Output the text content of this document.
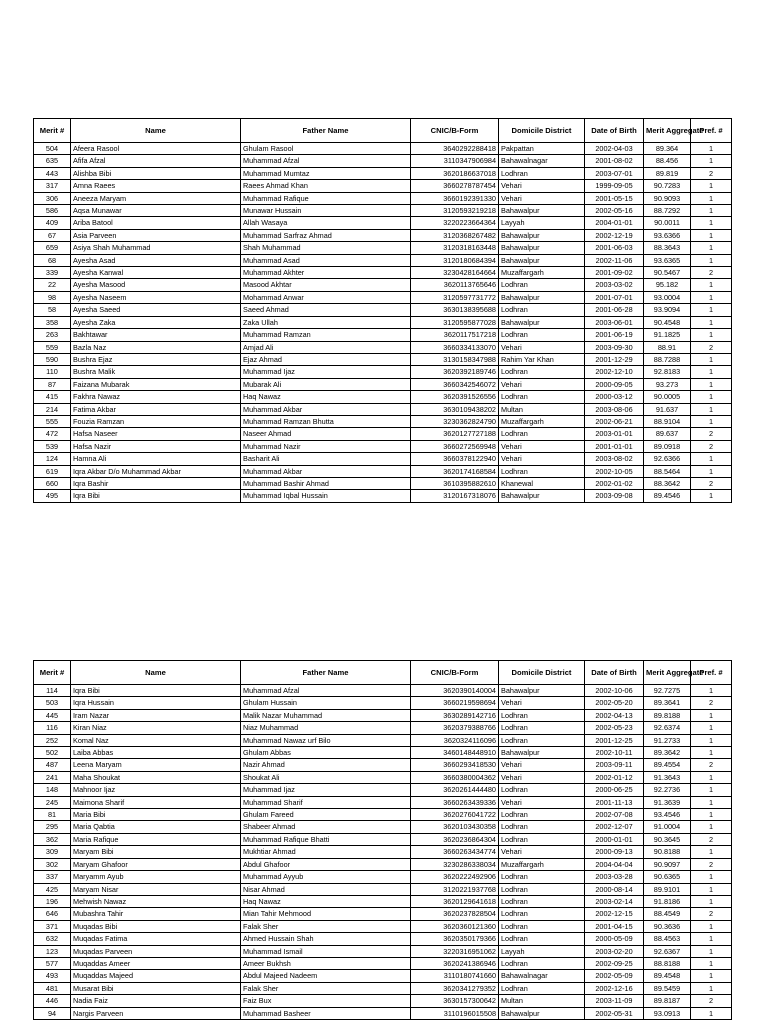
Merit #	Name	Father Name	CNIC/B-Form	Domicile District	Date of Birth	Merit Aggregate	Pref. #
504	Afeera Rasool	Ghulam Rasool	3640292288418	Pakpattan	2002-04-03	89.364	1
635	Afifa Afzal	Muhammad Afzal	3110347906984	Bahawalnagar	2001-08-02	88.456	1
443	Alishba Bibi	Muhammad Mumtaz	3620186637018	Lodhran	2003-07-01	89.819	2
317	Amna Raees	Raees Ahmad Khan	3660278787454	Vehari	1999-09-05	90.7283	1
306	Aneeza Maryam	Muhammad Rafique	3660192391330	Vehari	2001-05-15	90.9093	1
586	Aqsa Munawar	Munawar Hussain	3120593219218	Bahawalpur	2002-05-16	88.7292	1
409	Ariba Batool	Allah Wasaya	3220223664364	Layyah	2004-01-01	90.0011	1
67	Asia Parveen	Muhammad Sarfraz Ahmad	3120368267482	Bahawalpur	2002-12-19	93.6366	1
659	Asiya Shah Muhammad	Shah Muhammad	3120318163448	Bahawalpur	2001-06-03	88.3643	1
68	Ayesha Asad	Muhammad Asad	3120180684394	Bahawalpur	2002-11-06	93.6365	1
339	Ayesha Kanwal	Muhammad Akhter	3230428164664	Muzaffargarh	2001-09-02	90.5467	2
22	Ayesha Masood	Masood Akhtar	3620113765646	Lodhran	2003-03-02	95.182	1
98	Ayesha Naseem	Mohammad Anwar	3120597731772	Bahawalpur	2001-07-01	93.0004	1
58	Ayesha Saeed	Saeed Ahmad	3630138395688	Lodhran	2001-06-28	93.9094	1
358	Ayesha Zaka	Zaka Ullah	3120595877028	Bahawalpur	2003-06-01	90.4548	1
263	Bakhtawar	Muhammad Ramzan	3620117517218	Lodhran	2001-06-19	91.1825	1
559	Bazla Naz	Amjad Ali	3660334133070	Vehari	2003-09-30	88.91	2
590	Bushra Ejaz	Ejaz Ahmad	3130158347988	Rahim Yar Khan	2001-12-29	88.7288	1
110	Bushra Malik	Muhammad Ijaz	3620392189746	Lodhran	2002-12-10	92.8183	1
87	Faizana Mubarak	Mubarak Ali	3660342546072	Vehari	2000-09-05	93.273	1
415	Fakhra Nawaz	Haq Nawaz	3620391526556	Lodhran	2000-03-12	90.0005	1
214	Fatima Akbar	Muhammad Akbar	3630109438202	Multan	2003-08-06	91.637	1
555	Fouzia Ramzan	Muhammad Ramzan Bhutta	3230362824790	Muzaffargarh	2002-06-21	88.9104	1
472	Hafsa Naseer	Naseer Ahmad	3620127727188	Lodhran	2003-01-01	89.637	2
539	Hafsa Nazir	Muhammad Nazir	3660272569948	Vehari	2001-01-01	89.0918	2
124	Hamna Ali	Basharit Ali	3660378122940	Vehari	2003-08-02	92.6366	1
619	Iqra Akbar D/o Muhammad Akbar	Muhammad Akbar	3620174168584	Lodhran	2002-10-05	88.5464	1
660	Iqra Bashir	Muhammad Bashir Ahmad	3610395882610	Khanewal	2002-01-02	88.3642	2
495	Iqra Bibi	Muhammad Iqbal Hussain	3120167318076	Bahawalpur	2003-09-08	89.4546	1
Merit #	Name	Father Name	CNIC/B-Form	Domicile District	Date of Birth	Merit Aggregate	Pref. #
114	Iqra Bibi	Muhammad Afzal	3620390140004	Bahawalpur	2002-10-06	92.7275	1
503	Iqra Hussain	Ghulam Hussain	3660219598694	Vehari	2002-05-20	89.3641	2
445	Iram Nazar	Malik Nazar Muhammad	3630289142716	Lodhran	2002-04-13	89.8188	1
116	Kiran Niaz	Niaz Muhammad	3620379388766	Lodhran	2002-05-23	92.6374	1
252	Komal Naz	Muhammad Nawaz urf Bilo	3620324116096	Lodhran	2001-12-25	91.2733	1
502	Laiba Abbas	Ghulam Abbas	3460148448910	Bahawalpur	2002-10-11	89.3642	1
487	Leena Maryam	Nazir Ahmad	3660293418530	Vehari	2003-09-11	89.4554	2
241	Maha Shoukat	Shoukat Ali	3660380004362	Vehari	2002-01-12	91.3643	1
148	Mahnoor Ijaz	Muhammad Ijaz	3620261444480	Lodhran	2000-06-25	92.2736	1
245	Maimona Sharif	Muhammad Sharif	3660263439336	Vehari	2001-11-13	91.3639	1
81	Maria Bibi	Ghulam Fareed	3620276041722	Lodhran	2002-07-08	93.4546	1
295	Maria Qabtia	Shabeer Ahmad	3620103430358	Lodhran	2002-12-07	91.0004	1
362	Maria Rafique	Muhammad Rafique Bhatti	3620236864304	Lodhran	2000-01-01	90.3645	2
309	Maryam Bibi	Mukhtiar Ahmad	3660263434774	Vehari	2000-09-13	90.8188	1
302	Maryam Ghafoor	Abdul Ghafoor	3230286338034	Muzaffargarh	2004-04-04	90.9097	2
337	Maryamm Ayub	Muhammad Ayyub	3620222492906	Lodhran	2003-03-28	90.6365	1
425	Maryam Nisar	Nisar Ahmad	3120221937768	Lodhran	2000-08-14	89.9101	1
196	Mehwish Nawaz	Haq Nawaz	3620129641618	Lodhran	2003-02-14	91.8186	1
646	Mubashra Tahir	Mian Tahir Mehmood	3620237828504	Lodhran	2002-12-15	88.4549	2
371	Muqadas Bibi	Falak Sher	3620360121360	Lodhran	2001-04-15	90.3636	1
632	Muqadas Fatima	Ahmed Hussain Shah	3620350179366	Lodhran	2000-05-09	88.4563	1
123	Muqadas Parveen	Muhammad Ismail	3220316951062	Layyah	2003-02-20	92.6367	1
577	Muqaddas Ameer	Ameer Bukhsh	3620241386946	Lodhran	2002-09-25	88.8188	1
493	Muqaddas Majeed	Abdul Majeed Nadeem	3110180741660	Bahawalnagar	2002-05-09	89.4548	1
481	Musarat Bibi	Falak Sher	3620341279352	Lodhran	2002-12-16	89.5459	1
446	Nadia Faiz	Faiz Bux	3630157300642	Multan	2003-11-09	89.8187	2
94	Nargis Parveen	Muhammad Basheer	3110196015508	Bahawalpur	2002-05-31	93.0913	1
